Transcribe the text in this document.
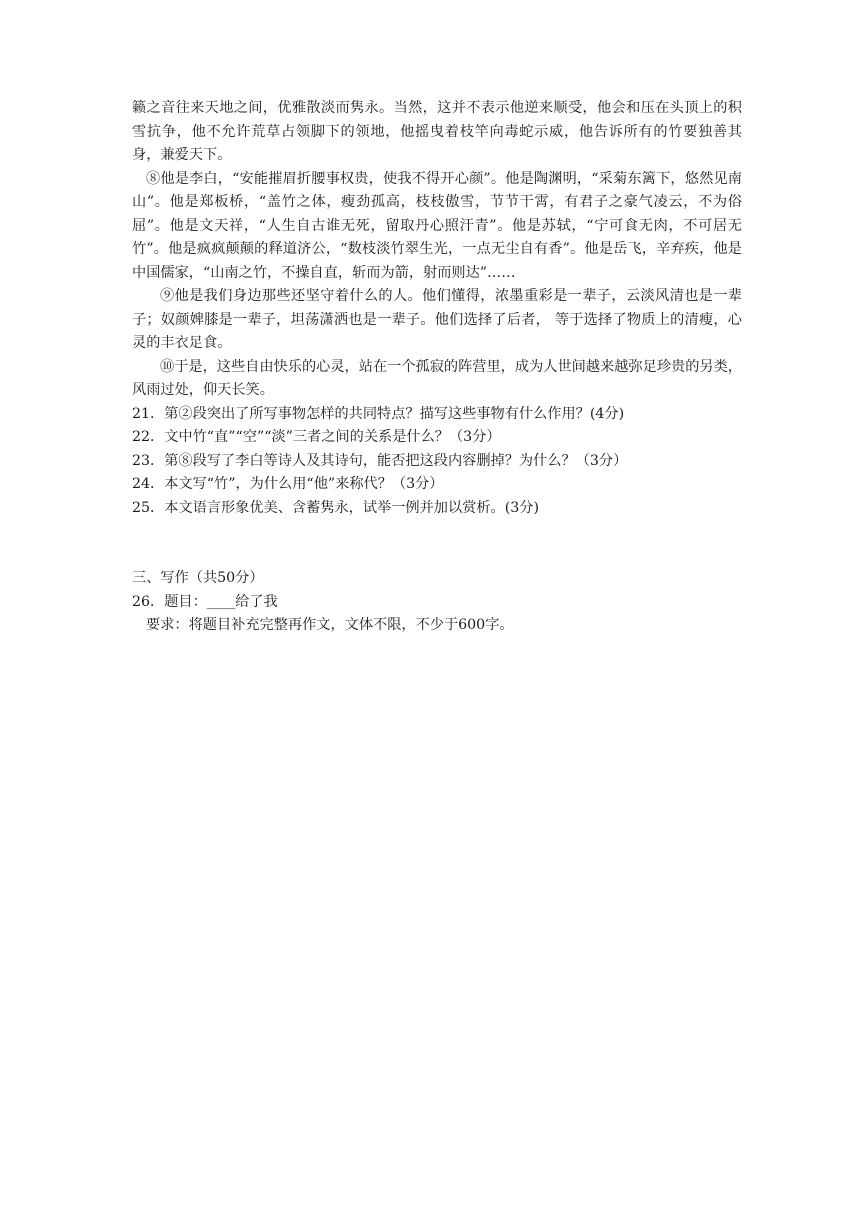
籁之音往来天地之间，优雅散淡而隽永。当然，这并不表示他逆来顺受，他会和压在头顶上的积雪抗争，他不允许荒草占领脚下的领地，他摇曳着枝竿向毒蛇示威，他告诉所有的竹要独善其身，兼爱天下。

⑧他是李白，“安能摧眉折腰事权贵，使我不得开心颜”。他是陶渊明，“采菊东篱下，悠然见南山”。他是郑板桥，“盖竹之体，瘦劲孤高，枝枝傲雪，节节干霄，有君子之豪气凌云，不为俗屈”。他是文天祥，“人生自古谁无死，留取丹心照汗青”。他是苏轼，“宁可食无肉，不可居无竹”。他是疯疯颠颠的释道济公，“数枝淡竹翠生光，一点无尘自有香”。他是岳飞，辛弃疾，他是中国儒家，“山南之竹，不操自直，斩而为箭，射而则达”……

⑨他是我们身边那些还坚守着什么的人。他们懂得，浓墨重彩是一辈子，云淡风清也是一辈子；奴颜婢膝是一辈子，坦荡潇洒也是一辈子。他们选择了后者， 等于选择了物质上的清瘦，心灵的丰衣足食。

⑩于是，这些自由快乐的心灵，站在一个孤寂的阵营里，成为人世间越来越弥足珍贵的另类，风雨过处，仰天长笑。

21．第②段突出了所写事物怎样的共同特点？描写这些事物有什么作用？(4分)

22．文中竹“直”“空”“淡”三者之间的关系是什么？（3分）

23．第⑧段写了李白等诗人及其诗句，能否把这段内容删掉？为什么？（3分）

24．本文写“竹”，为什么用“他”来称代？（3分）

25．本文语言形象优美、含蓄隽永，试举一例并加以赏析。(3分)

三、写作（共50分）

26．题目：____给了我

要求：将题目补充完整再作文，文体不限，不少于600字。
